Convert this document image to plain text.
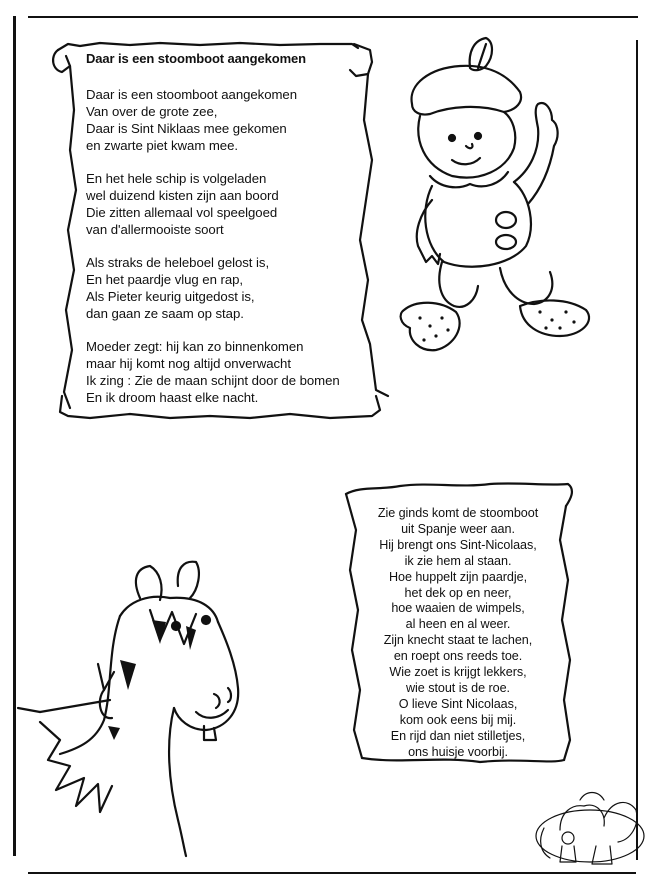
Daar is een stoomboot aangekomen

Daar is een stoomboot aangekomen
Van over de grote zee,
Daar is Sint Niklaas mee gekomen
en zwarte piet kwam mee.

En het hele schip is volgeladen
wel duizend kisten zijn aan boord
Die zitten allemaal vol speelgoed
van d'allermooiste soort

Als straks de heleboel gelost is,
En het paardje vlug en rap,
Als Pieter keurig uitgedost is,
dan gaan ze saam op stap.

Moeder zegt: hij kan zo binnenkomen
maar hij komt nog altijd onverwacht
Ik zing : Zie de maan schijnt door de bomen
En ik droom haast elke nacht.

Zie ginds komt de stoomboot
uit Spanje weer aan.
Hij brengt ons Sint-Nicolaas,
ik zie hem al staan.
Hoe huppelt zijn paardje,
het dek op en neer,
hoe waaien de wimpels,
al heen en al weer.
Zijn knecht staat te lachen,
en roept ons reeds toe.
Wie zoet is krijgt lekkers,
wie stout is de roe.
O lieve Sint Nicolaas,
kom ook eens bij mij.
En rijd dan niet stilletjes,
ons huisje voorbij.
